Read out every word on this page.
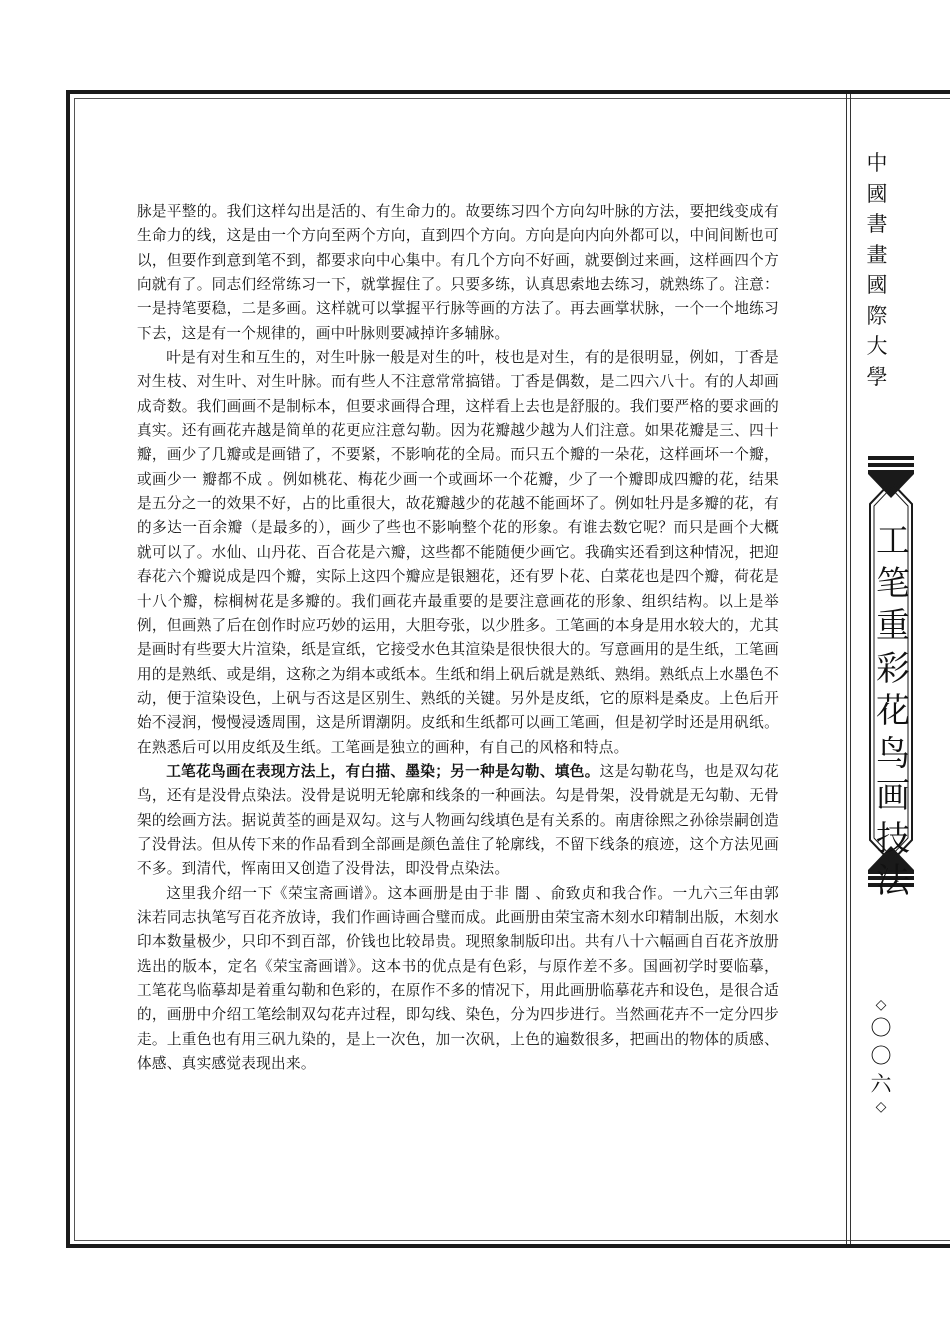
脉是平整的。我们这样勾出是活的、有生命力的。故要练习四个方向勾叶脉的方法，要把线变成有生命力的线，这是由一个方向至两个方向，直到四个方向。方向是向内向外都可以，中间间断也可以，但要作到意到笔不到，都要求向中心集中。有几个方向不好画，就要倒过来画，这样画四个方向就有了。同志们经常练习一下，就掌握住了。只要多练，认真思索地去练习，就熟练了。注意：一是持笔要稳，二是多画。这样就可以掌握平行脉等画的方法了。再去画掌状脉，一个一个地练习下去，这是有一个规律的，画中叶脉则要减掉许多辅脉。

叶是有对生和互生的，对生叶脉一般是对生的叶，枝也是对生，有的是很明显，例如，丁香是对生枝、对生叶、对生叶脉。而有些人不注意常常搞错。丁香是偶数，是二四六八十。有的人却画成奇数。我们画画不是制标本，但要求画得合理，这样看上去也是舒服的。我们要严格的要求画的真实。还有画花卉越是简单的花更应注意勾勒。因为花瓣越少越为人们注意。如果花瓣是三、四十瓣，画少了几瓣或是画错了，不要紧，不影响花的全局。而只五个瓣的一朵花，这样画坏一个瓣，或画少一 瓣都不成 。例如桃花、梅花少画一个或画坏一个花瓣，少了一个瓣即成四瓣的花，结果是五分之一的效果不好，占的比重很大，故花瓣越少的花越不能画坏了。例如牡丹是多瓣的花，有的多达一百余瓣（是最多的），画少了些也不影响整个花的形象。有谁去数它呢？而只是画个大概就可以了。水仙、山丹花、百合花是六瓣，这些都不能随便少画它。我确实还看到这种情况，把迎春花六个瓣说成是四个瓣，实际上这四个瓣应是银翘花，还有罗卜花、白菜花也是四个瓣，荷花是十八个瓣，棕榈树花是多瓣的。我们画花卉最重要的是要注意画花的形象、组织结构。以上是举例，但画熟了后在创作时应巧妙的运用，大胆夸张，以少胜多。工笔画的本身是用水较大的，尤其是画时有些要大片渲染，纸是宣纸，它接受水色其渲染是很快很大的。写意画用的是生纸，工笔画用的是熟纸、或是绢，这称之为绢本或纸本。生纸和绢上矾后就是熟纸、熟绢。熟纸点上水墨色不动，便于渲染设色，上矾与否这是区别生、熟纸的关键。另外是皮纸，它的原料是桑皮。上色后开始不浸润，慢慢浸透周围，这是所谓潮阴。皮纸和生纸都可以画工笔画，但是初学时还是用矾纸。在熟悉后可以用皮纸及生纸。工笔画是独立的画种，有自己的风格和特点。

工笔花鸟画在表现方法上，有白描、墨染；另一种是勾勒、填色。这是勾勒花鸟，也是双勾花鸟，还有是没骨点染法。没骨是说明无轮廓和线条的一种画法。勾是骨架，没骨就是无勾勒、无骨架的绘画方法。据说黄荃的画是双勾。这与人物画勾线填色是有关系的。南唐徐熙之孙徐崇嗣创造了没骨法。但从传下来的作品看到全部画是颜色盖住了轮廓线，不留下线条的痕迹，这个方法见画不多。到清代，恽南田又创造了没骨法，即没骨点染法。

这里我介绍一下《荣宝斋画谱》。这本画册是由于非 闇 、俞致贞和我合作。一九六三年由郭沫若同志执笔写百花齐放诗，我们作画诗画合璧而成。此画册由荣宝斋木刻水印精制出版，木刻水印本数量极少，只印不到百部，价钱也比较昂贵。现照象制版印出。共有八十六幅画自百花齐放册选出的版本，定名《荣宝斋画谱》。这本书的优点是有色彩，与原作差不多。国画初学时要临摹，工笔花鸟临摹却是着重勾勒和色彩的，在原作不多的情况下，用此画册临摹花卉和设色，是很合适的，画册中介绍工笔绘制双勾花卉过程，即勾线、染色，分为四步进行。当然画花卉不一定分四步走。上重色也有用三矾九染的，是上一次色，加一次矾，上色的遍数很多，把画出的物体的质感、体感、真实感觉表现出来。

中
國
書
畫
國
際
大
學
工
笔
重
彩
花
鸟
画
技
法
◇
〇
〇
六
◇
